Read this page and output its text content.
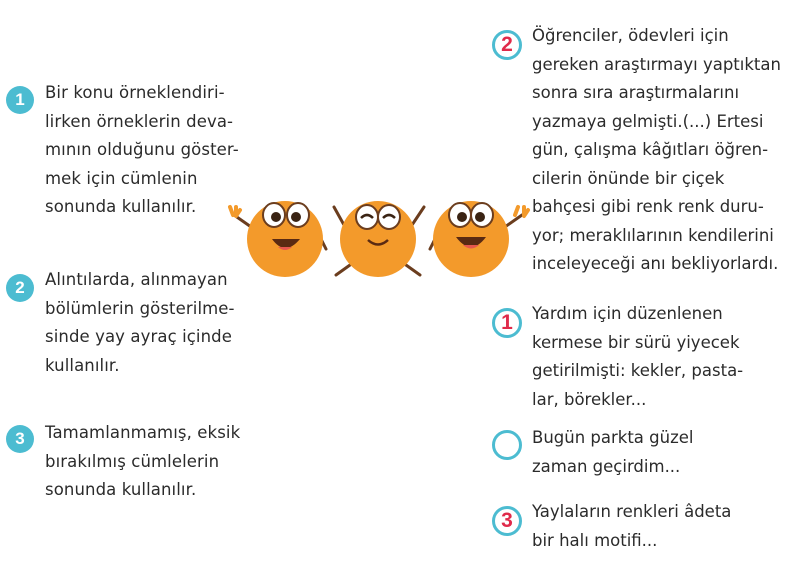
1	Bir konu örneklendiri-
lirken örneklerin deva-
mının olduğunu göster-
mek için cümlenin
sonunda kullanılır.
2	Alıntılarda, alınmayan
bölümlerin gösterilme-
sinde yay ayraç içinde
kullanılır.
3	Tamamlanmamış, eksik
bırakılmış cümlelerin
sonunda kullanılır.
2	Öğrenciler, ödevleri için
gereken araştırmayı yaptıktan
sonra sıra araştırmalarını
yazmaya gelmişti.(...) Ertesi
gün, çalışma kâğıtları öğren-
cilerin önünde bir çiçek
bahçesi gibi renk renk duru-
yor; meraklılarının kendilerini
inceleyeceği anı bekliyorlardı.
1	Yardım için düzenlenen
kermese bir sürü yiyecek
getirilmişti: kekler, pasta-
lar, börekler...
Bugün parkta güzel
zaman geçirdim...
3	Yaylaların renkleri âdeta
bir halı motifi...
